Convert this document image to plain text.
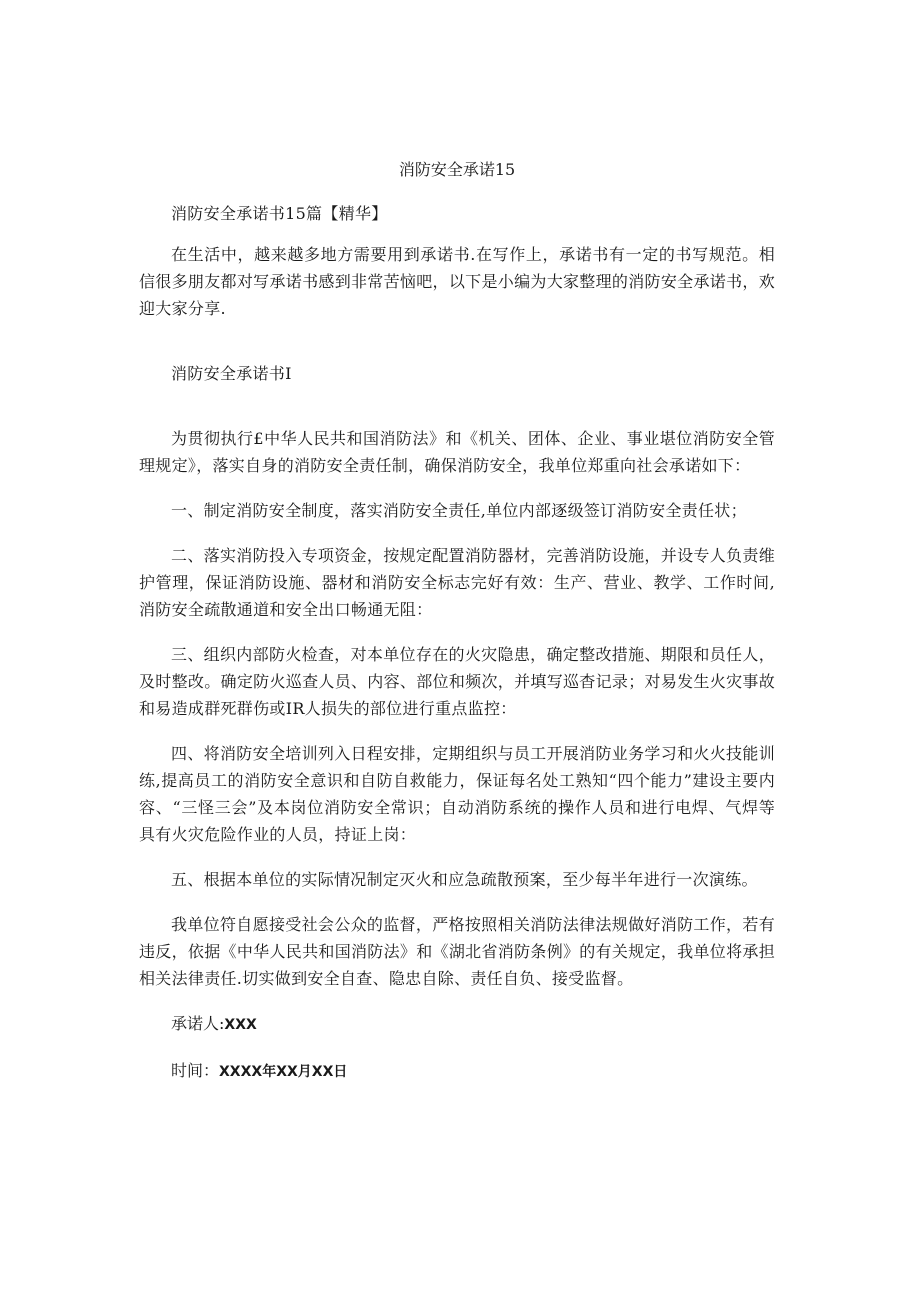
消防安全承诺15

消防安全承诺书15篇【精华】

在生活中，越来越多地方需要用到承诺书.在写作上，承诺书有一定的书写规范。相信很多朋友都对写承诺书感到非常苦恼吧，以下是小编为大家整理的消防安全承诺书，欢迎大家分享.

消防安全承诺书I

为贯彻执行£中华人民共和国消防法》和《机关、团体、企业、事业堪位消防安全管理规定》，落实自身的消防安全责任制，确保消防安全，我单位郑重向社会承诺如下：

一、制定消防安全制度，落实消防安全责任,单位内部逐级签订消防安全责任状；

二、落实消防投入专项资金，按规定配置消防器材，完善消防设施，并设专人负责维护管理，保证消防设施、器材和消防安全标志完好有效：生产、营业、教学、工作时间,消防安全疏散通道和安全出口畅通无阻：

三、组织内部防火检查，对本单位存在的火灾隐患，确定整改措施、期限和员任人，及时整改。确定防火巡查人员、内容、部位和频次，并填写巡杳记录；对易发生火灾事故和易造成群死群伤或IR人损失的部位进行重点监控：

四、将消防安全培训列入日程安排，定期组织与员工开展消防业务学习和火火技能训练,提高员工的消防安全意识和自防自救能力，保证每名处工熟知“四个能力”建设主要内容、“三怪三会”及本岗位消防安全常识；自动消防系统的操作人员和进行电焊、气焊等具有火灾危险作业的人员，持证上岗：

五、根据本单位的实际情况制定灭火和应急疏散预案，至少每半年进行一次演练。

我单位符自愿接受社会公众的监督，严格按照相关消防法律法规做好消防工作，若有违反，依据《中华人民共和国消防法》和《湖北省消防条例》的有关规定，我单位将承担相关法律责任.切实做到安全自查、隐忠自除、责任自负、接受监督。

承诺人:XXX

时间：XXXX年XX月XX日
